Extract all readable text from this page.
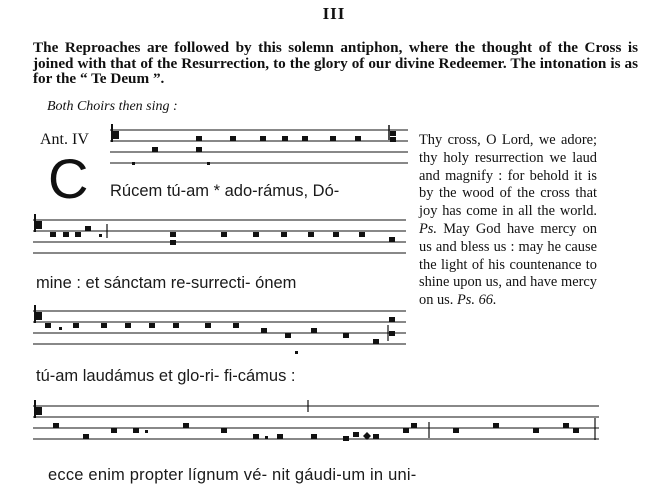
III
The Reproaches are followed by this solemn antiphon, where the thought of the Cross is joined with that of the Resurrection, to the glory of our divine Redeemer. The intonation is as for the “ Te Deum ”.
Both Choirs then sing :
Ant. IV
C Rúcem tú-am * ado-rámus, Dó-
mine : et sánctam re-surrecti- ónem
tú-am laudámus et glo-ri- fi-cámus :
ecce enim propter lígnum vé- nit gáudi-um in uni-
Thy cross, O Lord, we adore; thy holy resurrection we laud and magnify : for behold it is by the wood of the cross that joy has come in all the world. Ps. May God have mercy on us and bless us : may he cause the light of his countenance to shine upon us, and have mercy on us. Ps. 66.
